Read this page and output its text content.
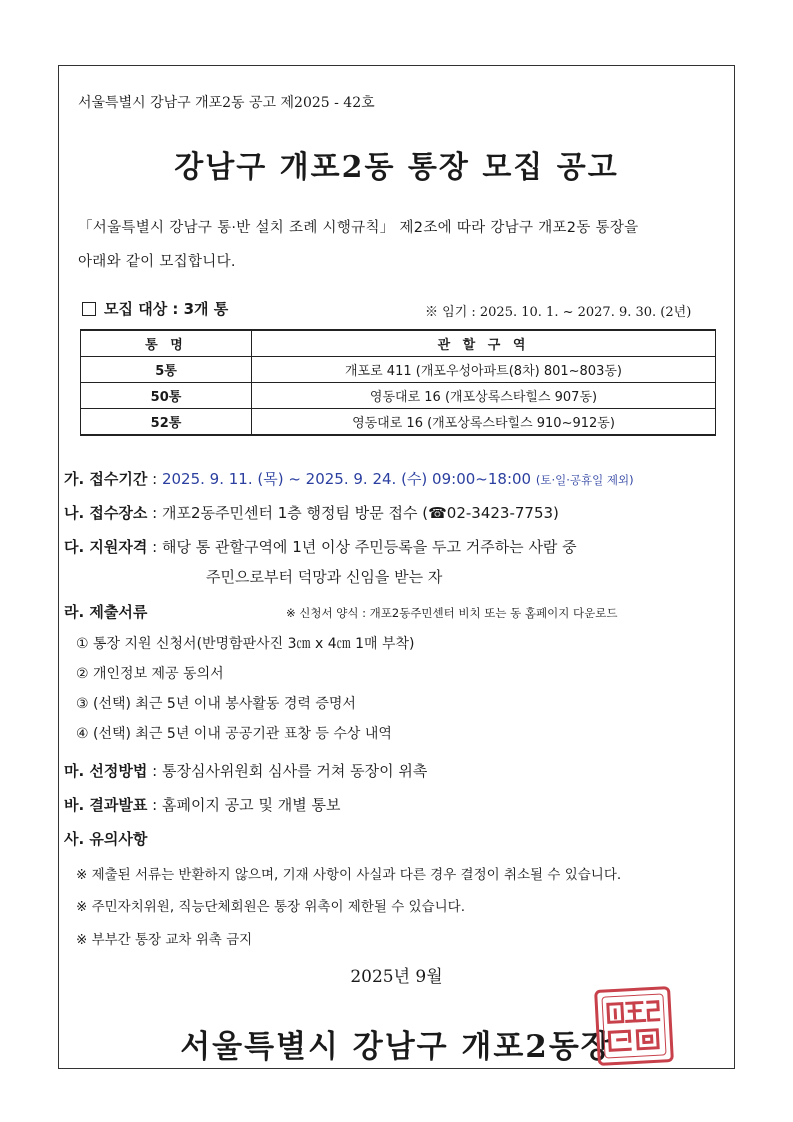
서울특별시 강남구 개포2동 공고 제2025 - 42호
강남구 개포2동 통장 모집 공고
「서울특별시 강남구 통·반 설치 조례 시행규칙」 제2조에 따라 강남구 개포2동 통장을
아래와 같이 모집합니다.
모집 대상 : 3개 통	※ 임기 : 2025. 10. 1. ~ 2027. 9. 30. (2년)
통 명	관 할 구 역
5통	개포로 411 (개포우성아파트(8차) 801~803동)
50통	영동대로 16 (개포상록스타힐스 907동)
52통	영동대로 16 (개포상록스타힐스 910~912동)
가. 접수기간 : 2025. 9. 11. (목) ~ 2025. 9. 24. (수) 09:00~18:00 (토·일·공휴일 제외)
나. 접수장소 : 개포2동주민센터 1층 행정팀 방문 접수 (☎02-3423-7753)
다. 지원자격 : 해당 통 관할구역에 1년 이상 주민등록을 두고 거주하는 사람 중
주민으로부터 덕망과 신임을 받는 자
라. 제출서류	※ 신청서 양식 : 개포2동주민센터 비치 또는 동 홈페이지 다운로드
① 통장 지원 신청서(반명함판사진 3㎝ x 4㎝ 1매 부착)
② 개인정보 제공 동의서
③ (선택) 최근 5년 이내 봉사활동 경력 증명서
④ (선택) 최근 5년 이내 공공기관 표창 등 수상 내역
마. 선정방법 : 통장심사위원회 심사를 거쳐 동장이 위촉
바. 결과발표 : 홈페이지 공고 및 개별 통보
사. 유의사항
※ 제출된 서류는 반환하지 않으며, 기재 사항이 사실과 다른 경우 결정이 취소될 수 있습니다.
※ 주민자치위원, 직능단체회원은 통장 위촉이 제한될 수 있습니다.
※ 부부간 통장 교차 위촉 금지
2025년 9월
서울특별시 강남구 개포2동장
